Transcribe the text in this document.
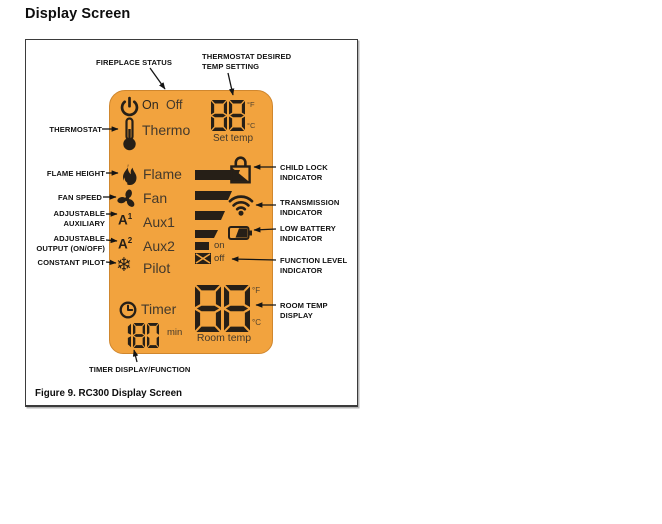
Display Screen
On Off	°F
°C
Set temp
Thermo
Flame
Fan
$A^1$ Aux1
$A^2$ Aux2
❄ Pilot
on
off
°F
°C
Room temp
Timer
min
FIREPLACE STATUS
THERMOSTAT DESIRED
TEMP SETTING
THERMOSTAT
FLAME HEIGHT
FAN SPEED
ADJUSTABLE
AUXILIARY
ADJUSTABLE
OUTPUT (ON/OFF)
CONSTANT PILOT
CHILD LOCK
INDICATOR
TRANSMISSION
INDICATOR
LOW BATTERY
INDICATOR
FUNCTION LEVEL
INDICATOR
ROOM TEMP
DISPLAY
TIMER DISPLAY/FUNCTION
Figure 9. RC300 Display Screen
